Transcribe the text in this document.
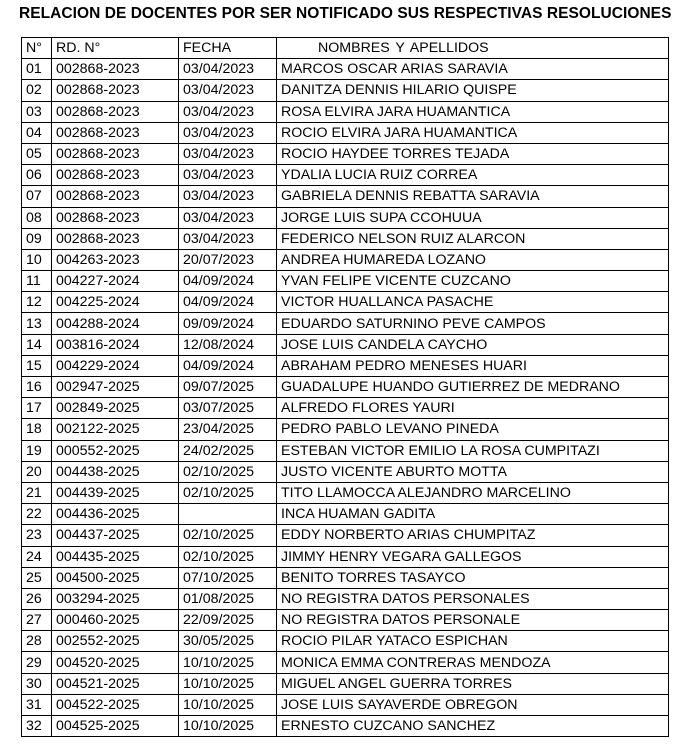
RELACION DE DOCENTES POR SER NOTIFICADO SUS RESPECTIVAS RESOLUCIONES
N°	RD. N°	FECHA	NOMBRES Y APELLIDOS
01	002868-2023	03/04/2023	MARCOS OSCAR ARIAS SARAVIA
02	002868-2023	03/04/2023	DANITZA DENNIS HILARIO QUISPE
03	002868-2023	03/04/2023	ROSA ELVIRA JARA HUAMANTICA
04	002868-2023	03/04/2023	ROCIO ELVIRA JARA HUAMANTICA
05	002868-2023	03/04/2023	ROCIO HAYDEE TORRES TEJADA
06	002868-2023	03/04/2023	YDALIA LUCIA RUIZ CORREA
07	002868-2023	03/04/2023	GABRIELA DENNIS REBATTA SARAVIA
08	002868-2023	03/04/2023	JORGE LUIS SUPA CCOHUUA
09	002868-2023	03/04/2023	FEDERICO NELSON RUIZ ALARCON
10	004263-2023	20/07/2023	ANDREA HUMAREDA LOZANO
11	004227-2024	04/09/2024	YVAN FELIPE VICENTE CUZCANO
12	004225-2024	04/09/2024	VICTOR HUALLANCA PASACHE
13	004288-2024	09/09/2024	EDUARDO SATURNINO PEVE CAMPOS
14	003816-2024	12/08/2024	JOSE LUIS CANDELA CAYCHO
15	004229-2024	04/09/2024	ABRAHAM PEDRO MENESES HUARI
16	002947-2025	09/07/2025	GUADALUPE HUANDO GUTIERREZ DE MEDRANO
17	002849-2025	03/07/2025	ALFREDO FLORES YAURI
18	002122-2025	23/04/2025	PEDRO PABLO LEVANO PINEDA
19	000552-2025	24/02/2025	ESTEBAN VICTOR EMILIO LA ROSA CUMPITAZI
20	004438-2025	02/10/2025	JUSTO VICENTE ABURTO MOTTA
21	004439-2025	02/10/2025	TITO LLAMOCCA ALEJANDRO MARCELINO
22	004436-2025		INCA HUAMAN GADITA
23	004437-2025	02/10/2025	EDDY NORBERTO ARIAS CHUMPITAZ
24	004435-2025	02/10/2025	JIMMY HENRY VEGARA GALLEGOS
25	004500-2025	07/10/2025	BENITO TORRES TASAYCO
26	003294-2025	01/08/2025	NO REGISTRA DATOS PERSONALES
27	000460-2025	22/09/2025	NO REGISTRA DATOS PERSONALE
28	002552-2025	30/05/2025	ROCIO PILAR YATACO ESPICHAN
29	004520-2025	10/10/2025	MONICA EMMA CONTRERAS MENDOZA
30	004521-2025	10/10/2025	MIGUEL ANGEL GUERRA TORRES
31	004522-2025	10/10/2025	JOSE LUIS SAYAVERDE OBREGON
32	004525-2025	10/10/2025	ERNESTO CUZCANO SANCHEZ
